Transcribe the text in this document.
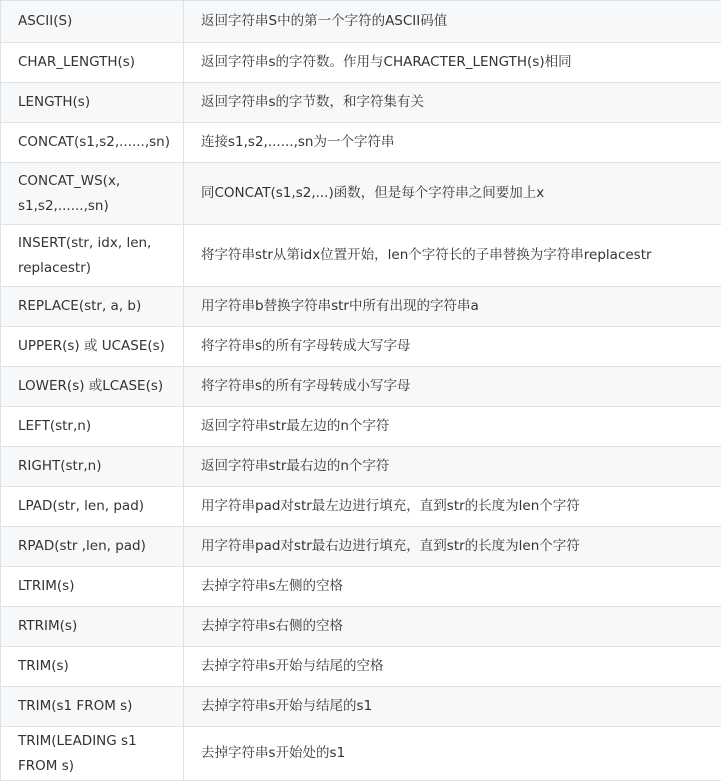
ASCII(S)	返回字符串S中的第一个字符的ASCII码值
CHAR_LENGTH(s)	返回字符串s的字符数。作用与CHARACTER_LENGTH(s)相同
LENGTH(s)	返回字符串s的字节数，和字符集有关
CONCAT(s1,s2,......,sn)	连接s1,s2,......,sn为一个字符串
CONCAT_WS(x, s1,s2,......,sn)	同CONCAT(s1,s2,...)函数，但是每个字符串之间要加上x
INSERT(str, idx, len, replacestr)	将字符串str从第idx位置开始，len个字符长的子串替换为字符串replacestr
REPLACE(str, a, b)	用字符串b替换字符串str中所有出现的字符串a
UPPER(s) 或 UCASE(s)	将字符串s的所有字母转成大写字母
LOWER(s) 或LCASE(s)	将字符串s的所有字母转成小写字母
LEFT(str,n)	返回字符串str最左边的n个字符
RIGHT(str,n)	返回字符串str最右边的n个字符
LPAD(str, len, pad)	用字符串pad对str最左边进行填充，直到str的长度为len个字符
RPAD(str ,len, pad)	用字符串pad对str最右边进行填充，直到str的长度为len个字符
LTRIM(s)	去掉字符串s左侧的空格
RTRIM(s)	去掉字符串s右侧的空格
TRIM(s)	去掉字符串s开始与结尾的空格
TRIM(s1 FROM s)	去掉字符串s开始与结尾的s1
TRIM(LEADING s1 FROM s)	去掉字符串s开始处的s1
